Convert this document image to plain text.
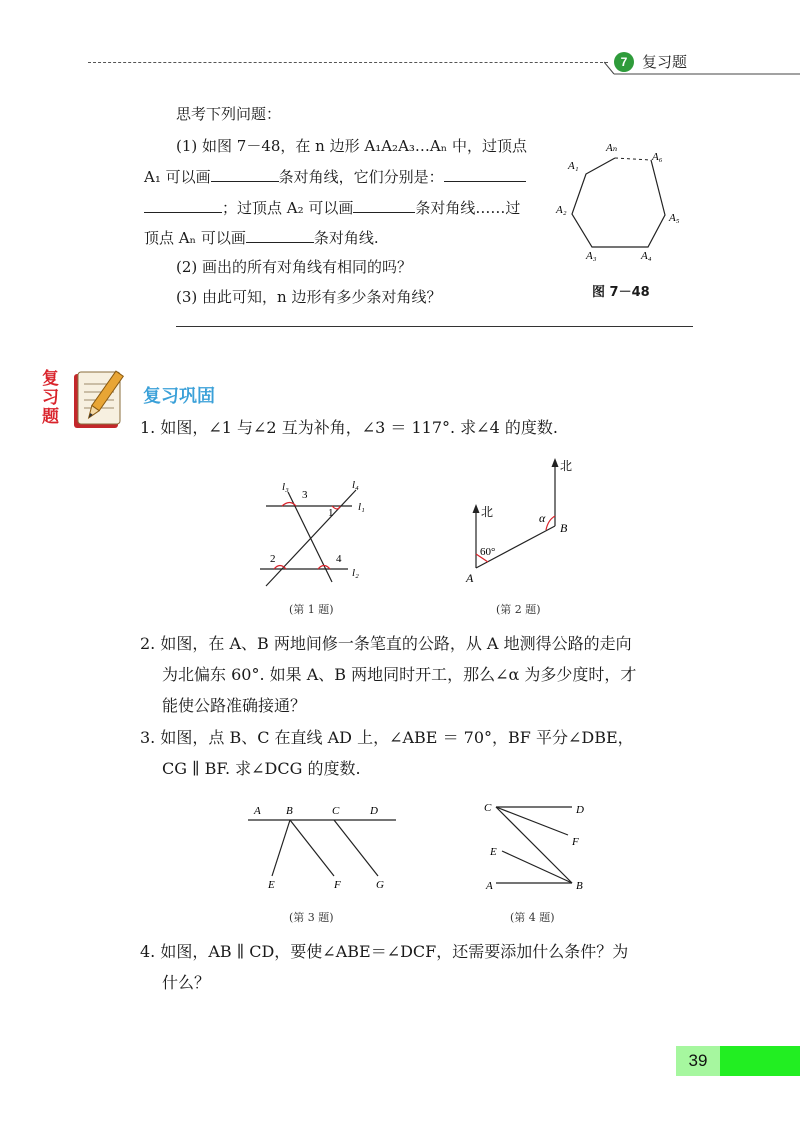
7 复习题
思考下列问题：
(1) 如图 7－48，在 n 边形 A₁A₂A₃…Aₙ 中，过顶点
A₁ 可以画	条对角线，它们分别是：
；过顶点 A₂ 可以画	条对角线……过
顶点 Aₙ 可以画	条对角线.
(2) 画出的所有对角线有相同的吗？
(3) 由此可知，n 边形有多少条对角线？
Aₙ
A₁
A₆
A₂
A₅
A₃	A₄
图 7－48
复习题
复习巩固
1. 如图，∠1 与∠2 互为补角，∠3 ＝ 117°. 求∠4 的度数.
l₃
3
l₄
1 l₁
2	4
l₂
(第 1 题)
北
北	α
B
60°
A
(第 2 题)
2. 如图，在 A、B 两地间修一条笔直的公路，从 A 地测得公路的走向
为北偏东 60°. 如果 A、B 两地同时开工，那么∠α 为多少度时，才
能使公路准确接通？
3. 如图，点 B、C 在直线 AD 上，∠ABE ＝ 70°，BF 平分∠DBE，
CG ∥ BF. 求∠DCG 的度数.
A B	C	D
E	F	G
(第 3 题)
C	D
F
E
A	B
(第 4 题)
4. 如图，AB ∥ CD，要使∠ABE＝∠DCF，还需要添加什么条件？为
什么？
39
